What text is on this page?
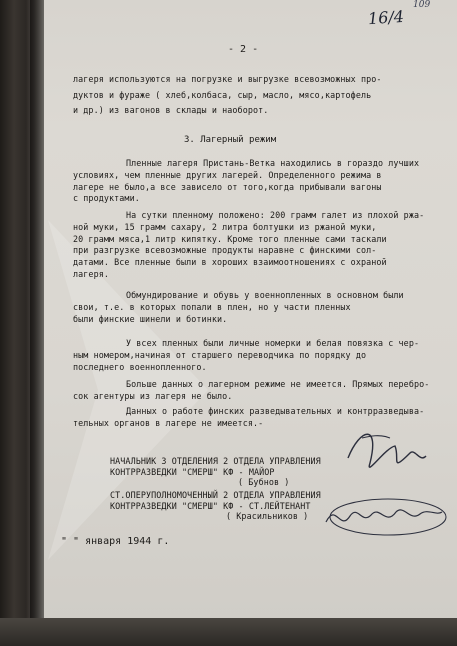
109
16/4
- 2 -
лагеря используются на погрузке и выгрузке всевозможных про-
дуктов и фураже ( хлеб,колбаса, сыр, масло, мясо,картофель
и др.) из вагонов в склады и наоборот.
3. Лагерный режим
Пленные лагеря Пристань-Ветка находились в гораздо лучших
условиях, чем пленные других лагерей. Определенного режима в
лагере не было,а все зависело от того,когда прибывали вагоны
с продуктами.
На сутки пленному положено: 200 грамм галет из плохой ржа-
ной муки, 15 грамм сахару, 2 литра болтушки из ржаной муки,
20 грамм мяса,1 литр кипятку. Кроме того пленные сами таскали
при разгрузке всевозможные продукты наравне с финскими сол-
датами. Все пленные были в хороших взаимоотношениях с охраной
лагеря.
Обмундирование и обувь у военнопленных в основном были
свои, т.е. в которых попали в плен, но у части пленных
были финские шинели и ботинки.
У всех пленных были личные номерки и белая повязка с чер-
ным номером,начиная от старшего переводчика по порядку до
последнего военнопленного.
Больше данных о лагерном режиме не имеется. Прямых перебро-
сок агентуры из лагеря не было.
Данных о работе финских разведывательных и контрразведыва-
тельных органов в лагере не имеется.-
НАЧАЛЬНИК 3 ОТДЕЛЕНИЯ 2 ОТДЕЛА УПРАВЛЕНИЯ
КОНТРРАЗВЕДКИ "СМЕРШ" КФ - МАЙОР
( Бубнов )
СТ.ОПЕРУПОЛНОМОЧЕННЫЙ 2 ОТДЕЛА УПРАВЛЕНИЯ
КОНТРРАЗВЕДКИ "СМЕРШ" КФ - СТ.ЛЕЙТЕНАНТ
( Красильников )
" " января 1944 г.
